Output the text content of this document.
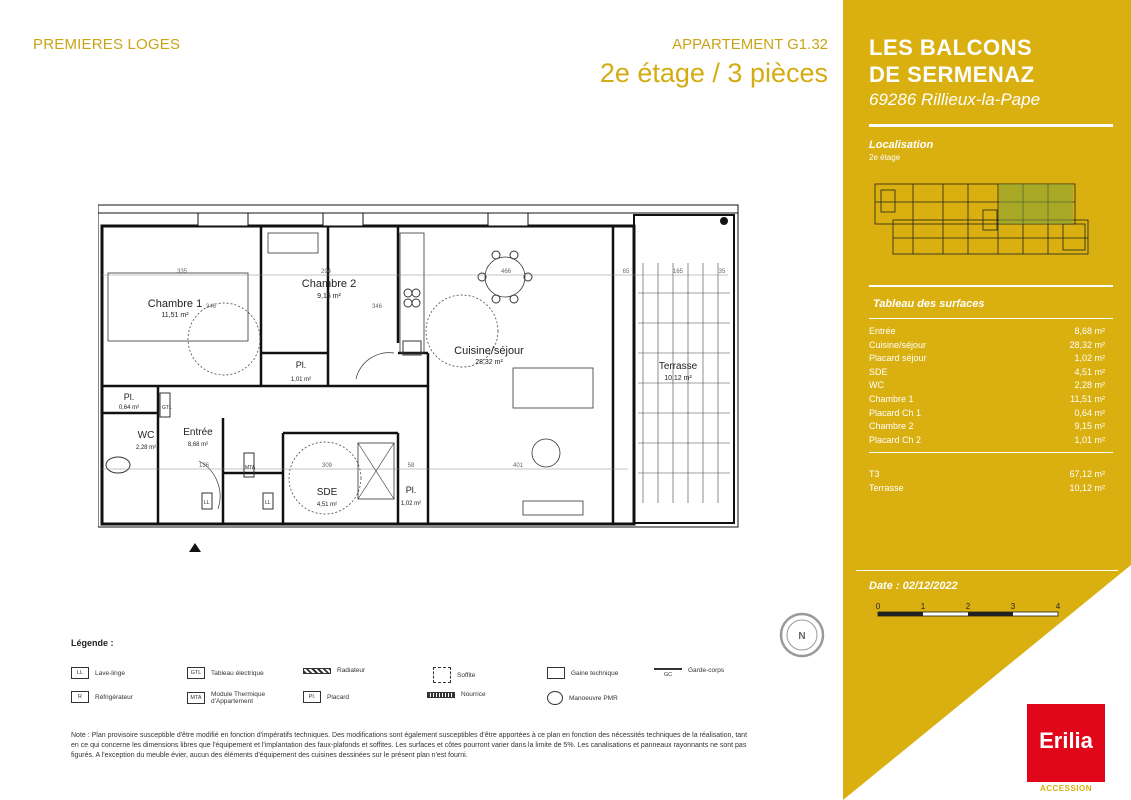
PREMIERES LOGES	APPARTEMENT G1.32
2e étage / 3 pièces
Chambre 1
11,51 m²
Chambre 2
9,15 m²
Cuisine/séjour
28,32 m²	Terrasse
10,12 m²
Pl.
0,64 m²
Pl.
1,01 m²
WC
2,28 m²
Entrée
8,68 m²
SDE
4,51 m²
Pl.
1,02 m²
335	294	466	65	165	35
136	309	58	401
346	346
GTL
MTA
LL
LL
N
Légende :
LL	Lave-linge	GTL	Tableau électrique	Radiateur
Soffite	Gaine technique	GC
Garde-corps
R	Réfrigérateur	MTA	Module Thermique d'Appartement
Pl.	Placard	Nourrice	Manoeuvre PMR
Note : Plan provisoire susceptible d'être modifié en fonction d'impératifs techniques. Des modifications sont également susceptibles d'être apportées à ce plan en fonction des nécessités techniques de la réalisation, tant en ce qui concerne les dimensions libres que l'équipement et l'implantation des faux-plafonds et soffites. Les surfaces et côtes pourront varier dans la limite de 5%. Les canalisations et panneaux rayonnants ne sont pas figurés. A l'exception du meuble évier, aucun des éléments d'équipement des cuisines dessinées sur le présent plan n'est fourni.
LES BALCONS
DE SERMENAZ
69286 Rillieux-la-Pape
Localisation
2e étage
Tableau des surfaces
Entrée	8,68 m²
Cuisine/séjour	28,32 m²
Placard séjour	1,02 m²
SDE	4,51 m²
WC	2,28 m²
Chambre 1	11,51 m²
Placard Ch 1	0,64 m²
Chambre 2	9,15 m²
Placard Ch 2	1,01 m²
T3	67,12 m²
Terrasse	10,12 m²
Date : 02/12/2022
0	1	2	3	4
Erilia
ACCESSION
